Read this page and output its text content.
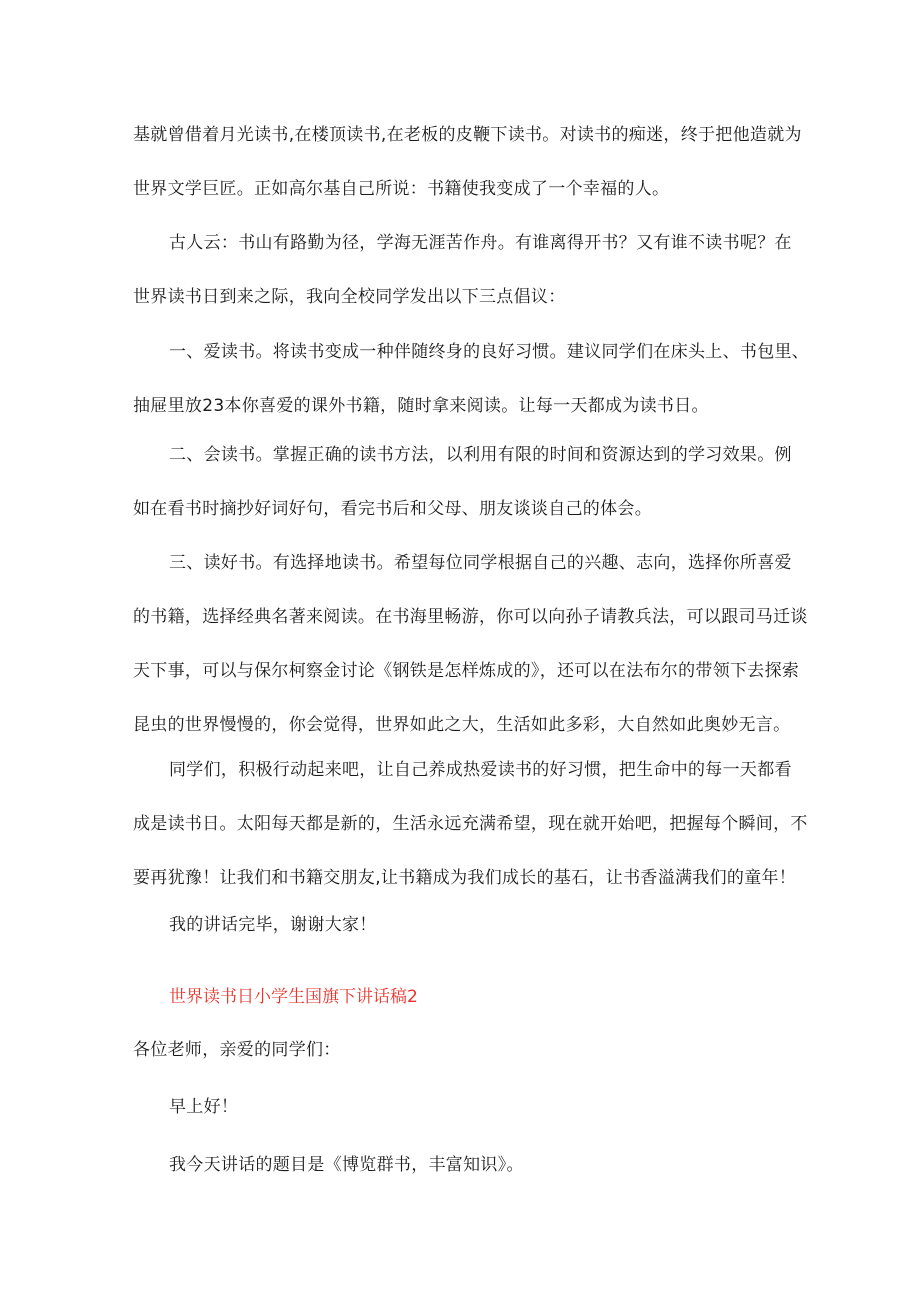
基就曾借着月光读书,在楼顶读书,在老板的皮鞭下读书。对读书的痴迷，终于把他造就为
世界文学巨匠。正如高尔基自己所说：书籍使我变成了一个幸福的人。
古人云：书山有路勤为径，学海无涯苦作舟。有谁离得开书？又有谁不读书呢？在
世界读书日到来之际，我向全校同学发出以下三点倡议：
一、爱读书。将读书变成一种伴随终身的良好习惯。建议同学们在床头上、书包里、
抽屉里放23本你喜爱的课外书籍，随时拿来阅读。让每一天都成为读书日。
二、会读书。掌握正确的读书方法，以利用有限的时间和资源达到的学习效果。例
如在看书时摘抄好词好句，看完书后和父母、朋友谈谈自己的体会。
三、读好书。有选择地读书。希望每位同学根据自己的兴趣、志向，选择你所喜爱
的书籍，选择经典名著来阅读。在书海里畅游，你可以向孙子请教兵法，可以跟司马迁谈
天下事，可以与保尔柯察金讨论《钢铁是怎样炼成的》，还可以在法布尔的带领下去探索
昆虫的世界慢慢的，你会觉得，世界如此之大，生活如此多彩，大自然如此奥妙无言。
同学们，积极行动起来吧，让自己养成热爱读书的好习惯，把生命中的每一天都看
成是读书日。太阳每天都是新的，生活永远充满希望，现在就开始吧，把握每个瞬间，不
要再犹豫！让我们和书籍交朋友,让书籍成为我们成长的基石，让书香溢满我们的童年！
我的讲话完毕，谢谢大家！
世界读书日小学生国旗下讲话稿2
各位老师，亲爱的同学们：
早上好！
我今天讲话的题目是《博览群书，丰富知识》。
